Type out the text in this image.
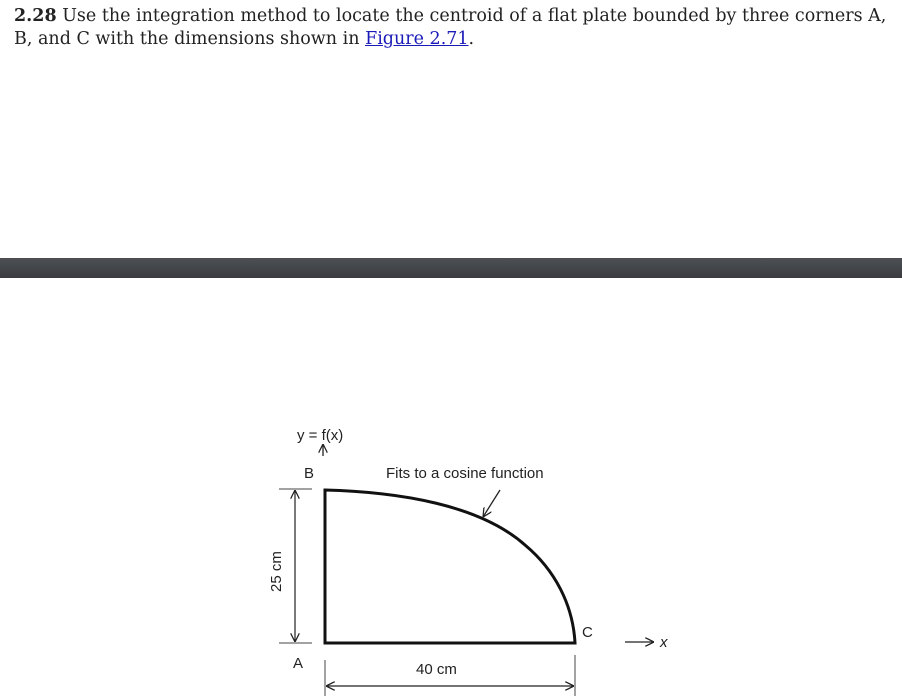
2.28 Use the integration method to locate the centroid of a flat plate bounded by three corners A, B, and C with the dimensions shown in Figure 2.71.

y = f(x)
B
A
C
x
Fits to a cosine function
40 cm
25 cm
